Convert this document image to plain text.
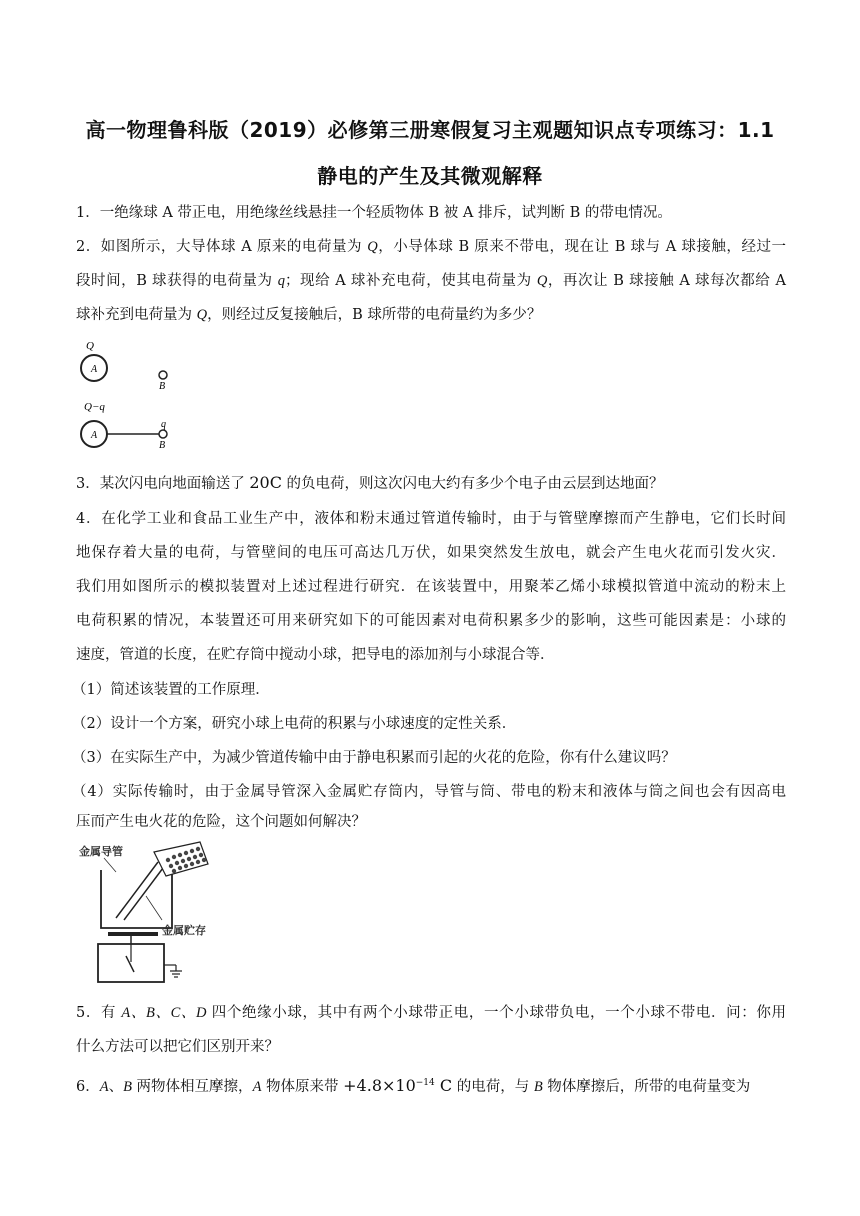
高一物理鲁科版（2019）必修第三册寒假复习主观题知识点专项练习：1.1
静电的产生及其微观解释
1．一绝缘球 A 带正电，用绝缘丝线悬挂一个轻质物体 B 被 A 排斥，试判断 B 的带电情况。
2．如图所示，大导体球 A 原来的电荷量为 Q，小导体球 B 原来不带电，现在让 B 球与 A 球接触，经过一
段时间，B 球获得的电荷量为 q；现给 A 球补充电荷，使其电荷量为 Q，再次让 B 球接触 A 球每次都给 A
球补充到电荷量为 Q，则经过反复接触后，B 球所带的电荷量约为多少？
Q
A
B
Q−q
A
q
B
3．某次闪电向地面输送了 20C 的负电荷，则这次闪电大约有多少个电子由云层到达地面？
4．在化学工业和食品工业生产中，液体和粉末通过管道传输时，由于与管壁摩擦而产生静电，它们长时间
地保存着大量的电荷，与管壁间的电压可高达几万伏，如果突然发生放电，就会产生电火花而引发火灾．
我们用如图所示的模拟装置对上述过程进行研究．在该装置中，用聚苯乙烯小球模拟管道中流动的粉末上
电荷积累的情况，本装置还可用来研究如下的可能因素对电荷积累多少的影响，这些可能因素是：小球的
速度，管道的长度，在贮存筒中搅动小球，把导电的添加剂与小球混合等．
（1）简述该装置的工作原理．
（2）设计一个方案，研究小球上电荷的积累与小球速度的定性关系．
（3）在实际生产中，为减少管道传输中由于静电积累而引起的火花的危险，你有什么建议吗？
（4）实际传输时，由于金属导管深入金属贮存筒内，导管与筒、带电的粉末和液体与筒之间也会有因高电
压而产生电火花的危险，这个问题如何解决？
金属导管
金属贮存
5．有 A、B、C、D 四个绝缘小球，其中有两个小球带正电，一个小球带负电，一个小球不带电．问：你用
什么方法可以把它们区别开来？
6．A、B 两物体相互摩擦，A 物体原来带 $+4.8\times 10^{-14}$ C 的电荷，与 B 物体摩擦后，所带的电荷量变为
